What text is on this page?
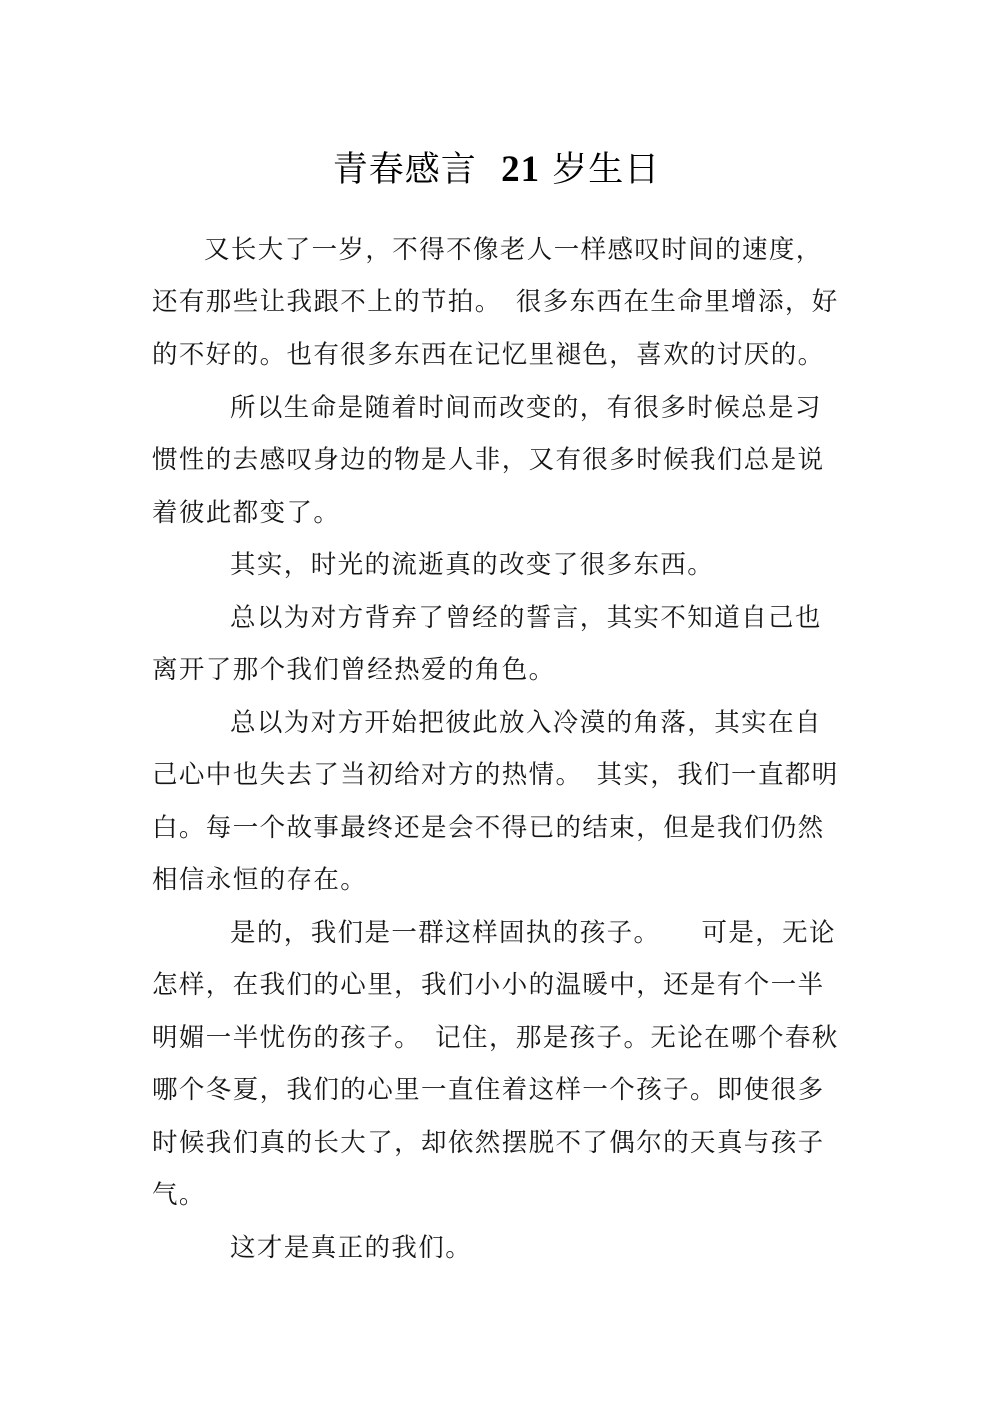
青春感言 21 岁生日
又长大了一岁，不得不像老人一样感叹时间的速度，
还有那些让我跟不上的节拍。　很多东西在生命里增添，好
的不好的。也有很多东西在记忆里褪色，喜欢的讨厌的。
所以生命是随着时间而改变的，有很多时候总是习
惯性的去感叹身边的物是人非，又有很多时候我们总是说
着彼此都变了。
其实，时光的流逝真的改变了很多东西。
总以为对方背弃了曾经的誓言，其实不知道自己也
离开了那个我们曾经热爱的角色。
总以为对方开始把彼此放入冷漠的角落，其实在自
己心中也失去了当初给对方的热情。　其实，我们一直都明
白。每一个故事最终还是会不得已的结束，但是我们仍然
相信永恒的存在。
是的，我们是一群这样固执的孩子。　　可是，无论
怎样，在我们的心里，我们小小的温暖中，还是有个一半
明媚一半忧伤的孩子。　记住，那是孩子。无论在哪个春秋
哪个冬夏，我们的心里一直住着这样一个孩子。即使很多
时候我们真的长大了，却依然摆脱不了偶尔的天真与孩子
气。
这才是真正的我们。
